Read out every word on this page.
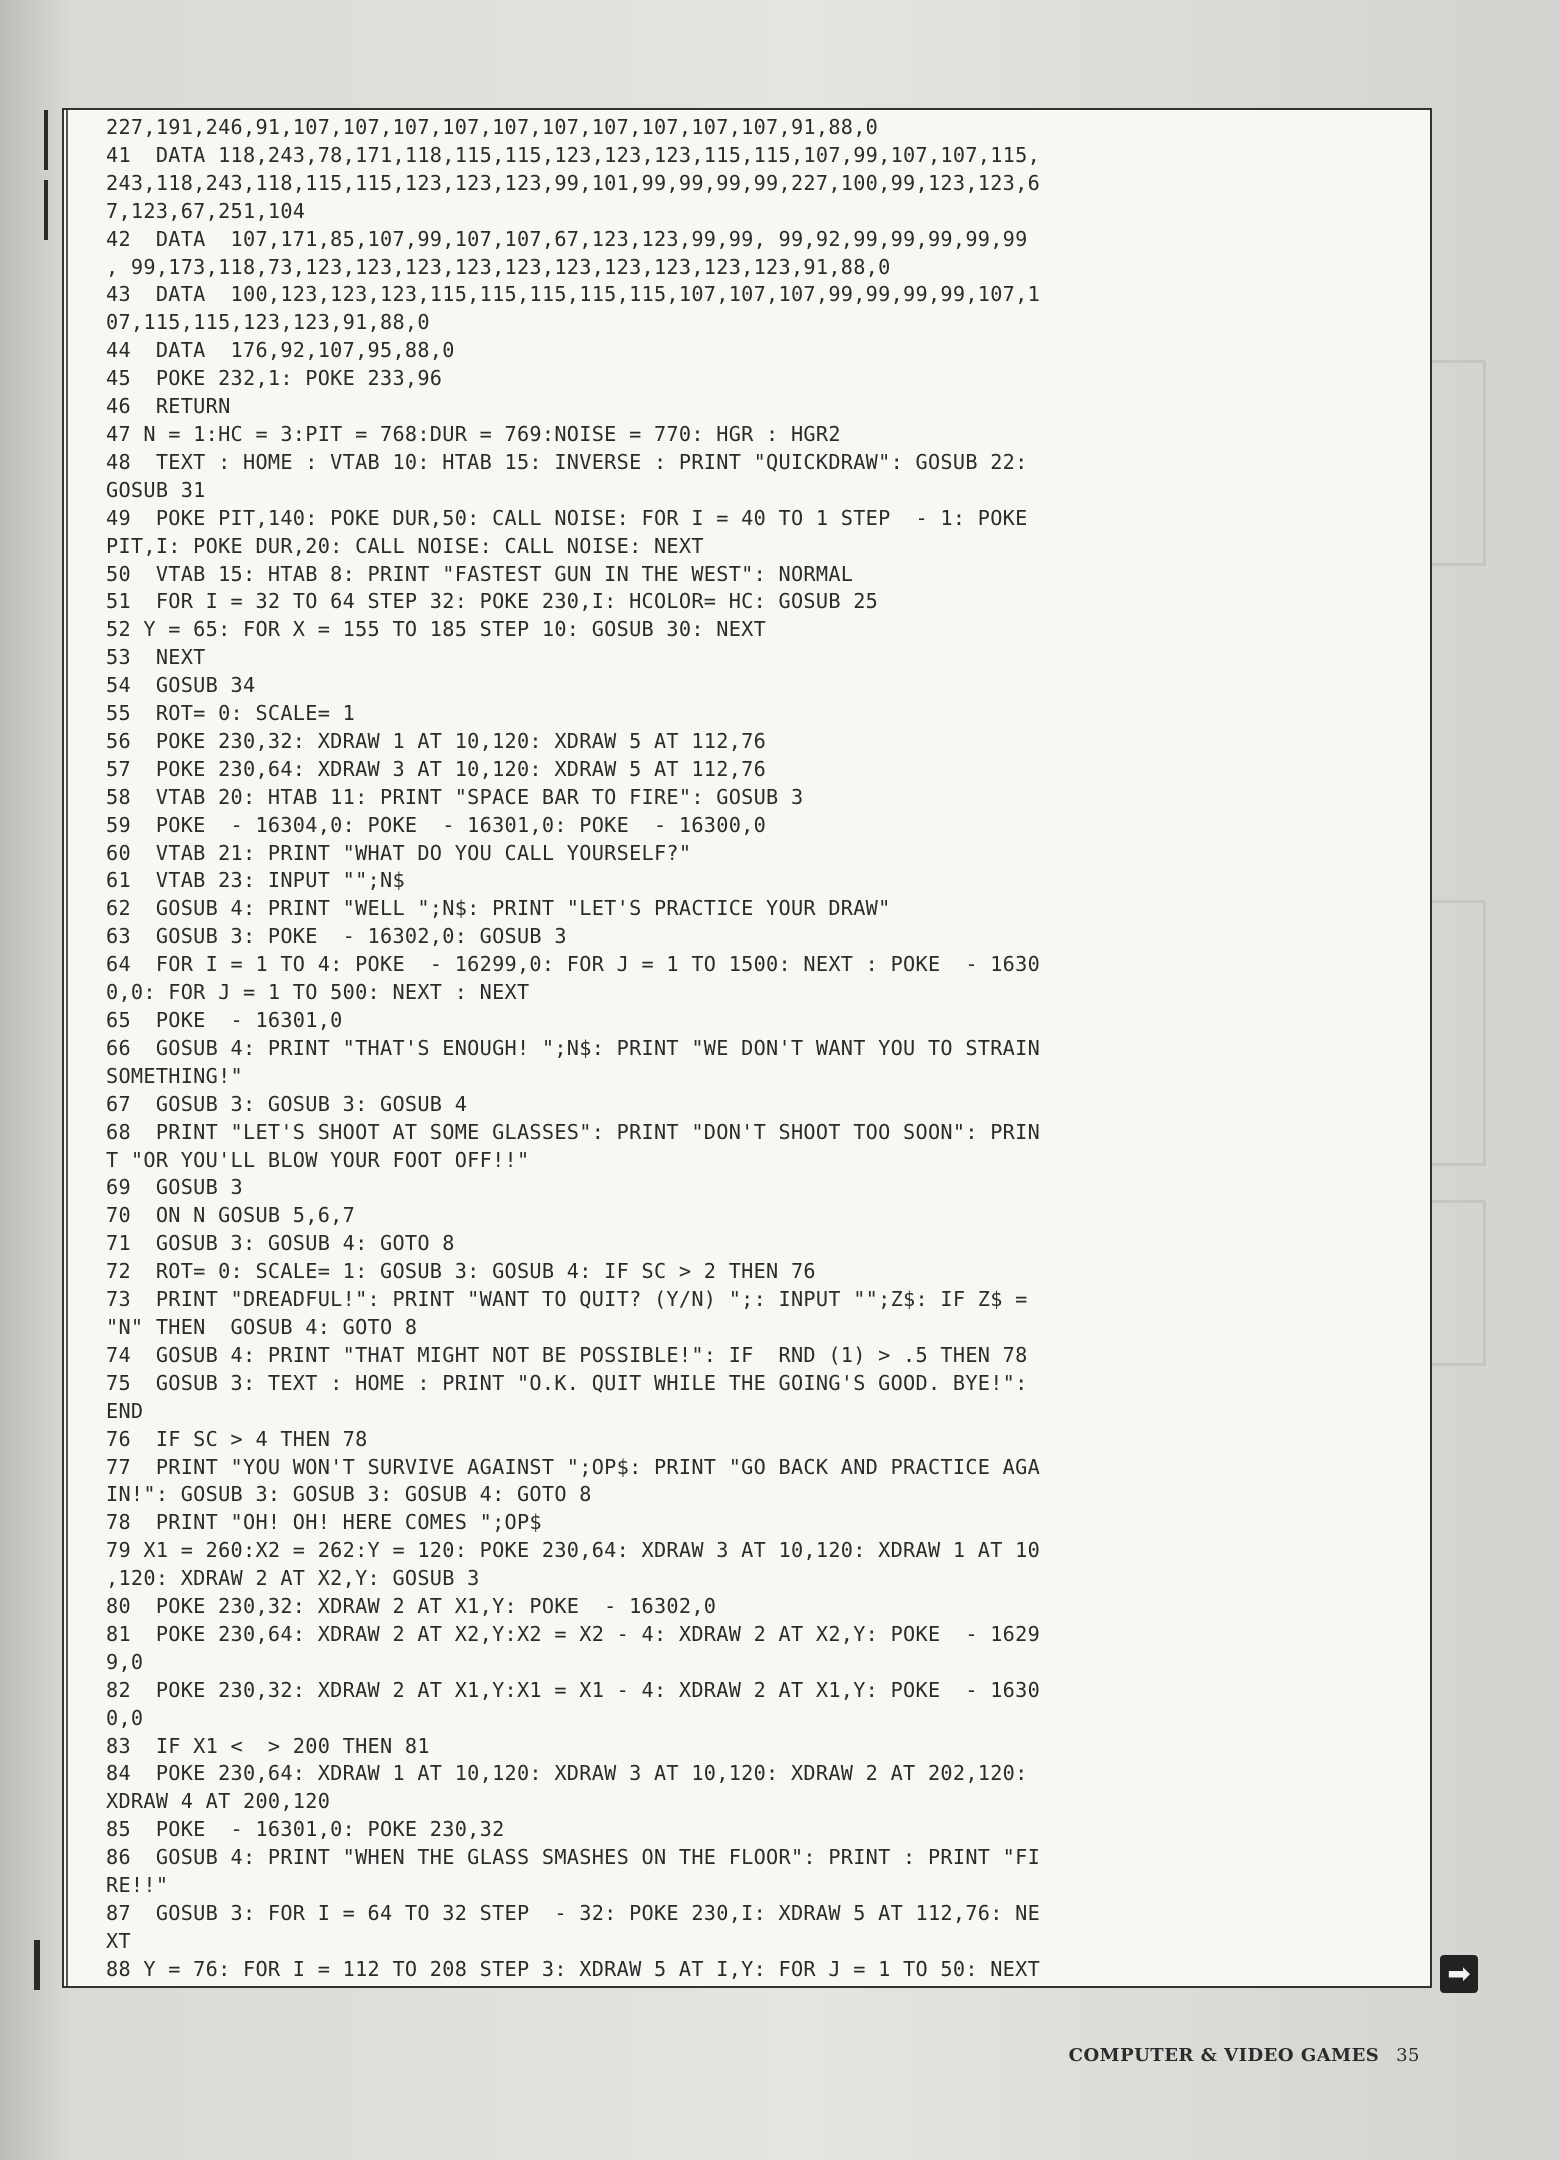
227,191,246,91,107,107,107,107,107,107,107,107,107,107,91,88,0
41  DATA 118,243,78,171,118,115,115,123,123,123,115,115,107,99,107,107,115,
243,118,243,118,115,115,123,123,123,99,101,99,99,99,99,227,100,99,123,123,6
7,123,67,251,104
42  DATA  107,171,85,107,99,107,107,67,123,123,99,99, 99,92,99,99,99,99,99
, 99,173,118,73,123,123,123,123,123,123,123,123,123,123,91,88,0
43  DATA  100,123,123,123,115,115,115,115,115,107,107,107,99,99,99,99,107,1
07,115,115,123,123,91,88,0
44  DATA  176,92,107,95,88,0
45  POKE 232,1: POKE 233,96
46  RETURN
47 N = 1:HC = 3:PIT = 768:DUR = 769:NOISE = 770: HGR : HGR2
48  TEXT : HOME : VTAB 10: HTAB 15: INVERSE : PRINT "QUICKDRAW": GOSUB 22:
GOSUB 31
49  POKE PIT,140: POKE DUR,50: CALL NOISE: FOR I = 40 TO 1 STEP  - 1: POKE
PIT,I: POKE DUR,20: CALL NOISE: CALL NOISE: NEXT
50  VTAB 15: HTAB 8: PRINT "FASTEST GUN IN THE WEST": NORMAL
51  FOR I = 32 TO 64 STEP 32: POKE 230,I: HCOLOR= HC: GOSUB 25
52 Y = 65: FOR X = 155 TO 185 STEP 10: GOSUB 30: NEXT
53  NEXT
54  GOSUB 34
55  ROT= 0: SCALE= 1
56  POKE 230,32: XDRAW 1 AT 10,120: XDRAW 5 AT 112,76
57  POKE 230,64: XDRAW 3 AT 10,120: XDRAW 5 AT 112,76
58  VTAB 20: HTAB 11: PRINT "SPACE BAR TO FIRE": GOSUB 3
59  POKE  - 16304,0: POKE  - 16301,0: POKE  - 16300,0
60  VTAB 21: PRINT "WHAT DO YOU CALL YOURSELF?"
61  VTAB 23: INPUT "";N$
62  GOSUB 4: PRINT "WELL ";N$: PRINT "LET'S PRACTICE YOUR DRAW"
63  GOSUB 3: POKE  - 16302,0: GOSUB 3
64  FOR I = 1 TO 4: POKE  - 16299,0: FOR J = 1 TO 1500: NEXT : POKE  - 1630
0,0: FOR J = 1 TO 500: NEXT : NEXT
65  POKE  - 16301,0
66  GOSUB 4: PRINT "THAT'S ENOUGH! ";N$: PRINT "WE DON'T WANT YOU TO STRAIN
SOMETHING!"
67  GOSUB 3: GOSUB 3: GOSUB 4
68  PRINT "LET'S SHOOT AT SOME GLASSES": PRINT "DON'T SHOOT TOO SOON": PRIN
T "OR YOU'LL BLOW YOUR FOOT OFF!!"
69  GOSUB 3
70  ON N GOSUB 5,6,7
71  GOSUB 3: GOSUB 4: GOTO 8
72  ROT= 0: SCALE= 1: GOSUB 3: GOSUB 4: IF SC > 2 THEN 76
73  PRINT "DREADFUL!": PRINT "WANT TO QUIT? (Y/N) ";: INPUT "";Z$: IF Z$ =
"N" THEN  GOSUB 4: GOTO 8
74  GOSUB 4: PRINT "THAT MIGHT NOT BE POSSIBLE!": IF  RND (1) > .5 THEN 78
75  GOSUB 3: TEXT : HOME : PRINT "O.K. QUIT WHILE THE GOING'S GOOD. BYE!":
END
76  IF SC > 4 THEN 78
77  PRINT "YOU WON'T SURVIVE AGAINST ";OP$: PRINT "GO BACK AND PRACTICE AGA
IN!": GOSUB 3: GOSUB 3: GOSUB 4: GOTO 8
78  PRINT "OH! OH! HERE COMES ";OP$
79 X1 = 260:X2 = 262:Y = 120: POKE 230,64: XDRAW 3 AT 10,120: XDRAW 1 AT 10
,120: XDRAW 2 AT X2,Y: GOSUB 3
80  POKE 230,32: XDRAW 2 AT X1,Y: POKE  - 16302,0
81  POKE 230,64: XDRAW 2 AT X2,Y:X2 = X2 - 4: XDRAW 2 AT X2,Y: POKE  - 1629
9,0
82  POKE 230,32: XDRAW 2 AT X1,Y:X1 = X1 - 4: XDRAW 2 AT X1,Y: POKE  - 1630
0,0
83  IF X1 <  > 200 THEN 81
84  POKE 230,64: XDRAW 1 AT 10,120: XDRAW 3 AT 10,120: XDRAW 2 AT 202,120:
XDRAW 4 AT 200,120
85  POKE  - 16301,0: POKE 230,32
86  GOSUB 4: PRINT "WHEN THE GLASS SMASHES ON THE FLOOR": PRINT : PRINT "FI
RE!!"
87  GOSUB 3: FOR I = 64 TO 32 STEP  - 32: POKE 230,I: XDRAW 5 AT 112,76: NE
XT
88 Y = 76: FOR I = 112 TO 208 STEP 3: XDRAW 5 AT I,Y: FOR J = 1 TO 50: NEXT	➡
COMPUTER & VIDEO GAMES 35
